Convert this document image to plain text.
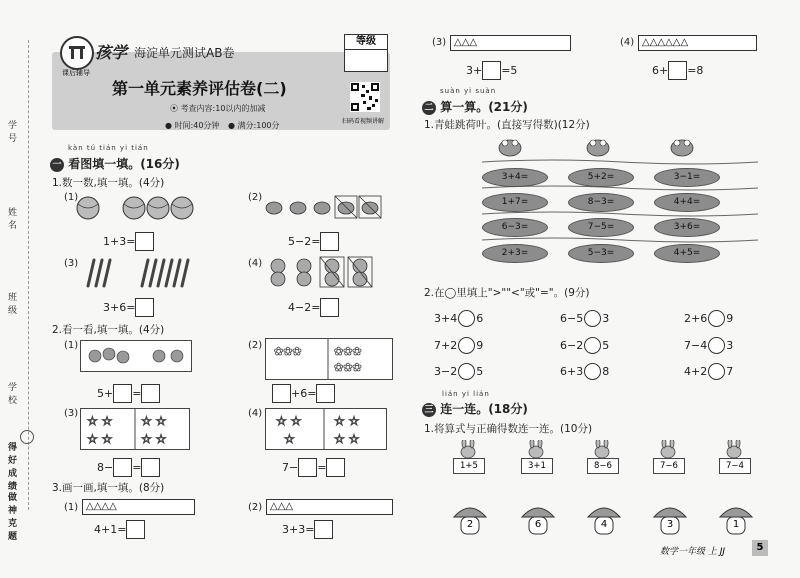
学号
姓名
班级
学校
得好成绩
做神克题
课后辅导
孩学 海淀单元测试AB卷
等级
第一单元素养评估卷(二)
⦿ 考查内容:10以内的加减
● 时间:40分钟 ● 满分:100分	扫码看视频讲解
kàn tú tián yi tián
一 看图填一填。(16分)
1.数一数,填一填。(4分)
(1)
1+3=
(2)
5−2=
(3)
3+6=
(4)
4−2=
2.看一看,填一填。(4分)
(1)
5+ =
(2) ✿✿✿	✿✿✿
✿✿✿
+6=
(3)
☆ ☆
☆ ☆
☆ ☆
☆ ☆
8− =
(4)
☆ ☆
☆
☆ ☆
☆ ☆
7− =
3.画一画,填一填。(8分)
(1) △△△△
4+1=
(2) △△△
3+3=
(3) △△△
3+ =5
(4) △△△△△△
6+ =8
suàn yi suàn
二 算一算。(21分)
1.青蛙跳荷叶。(直接写得数)(12分)
3+4=	5+2=	3−1=
1+7=	8−3=	4+4=
6−3=	7−5=	3+6=
2+3=	5−3=	4+5=
2.在◯里填上">""<"或"="。(9分)
3+4 6	6−5 3	2+6 9
7+2 9	6−2 5	7−4 3
3−2 5	6+3 8	4+2 7
lián yi lián
三 连一连。(18分)
1.将算式与正确得数连一连。(10分)
1+5	3+1	8−6	7−6	7−4
2	6	4	3	1
数学一年级 上 JJ	5
